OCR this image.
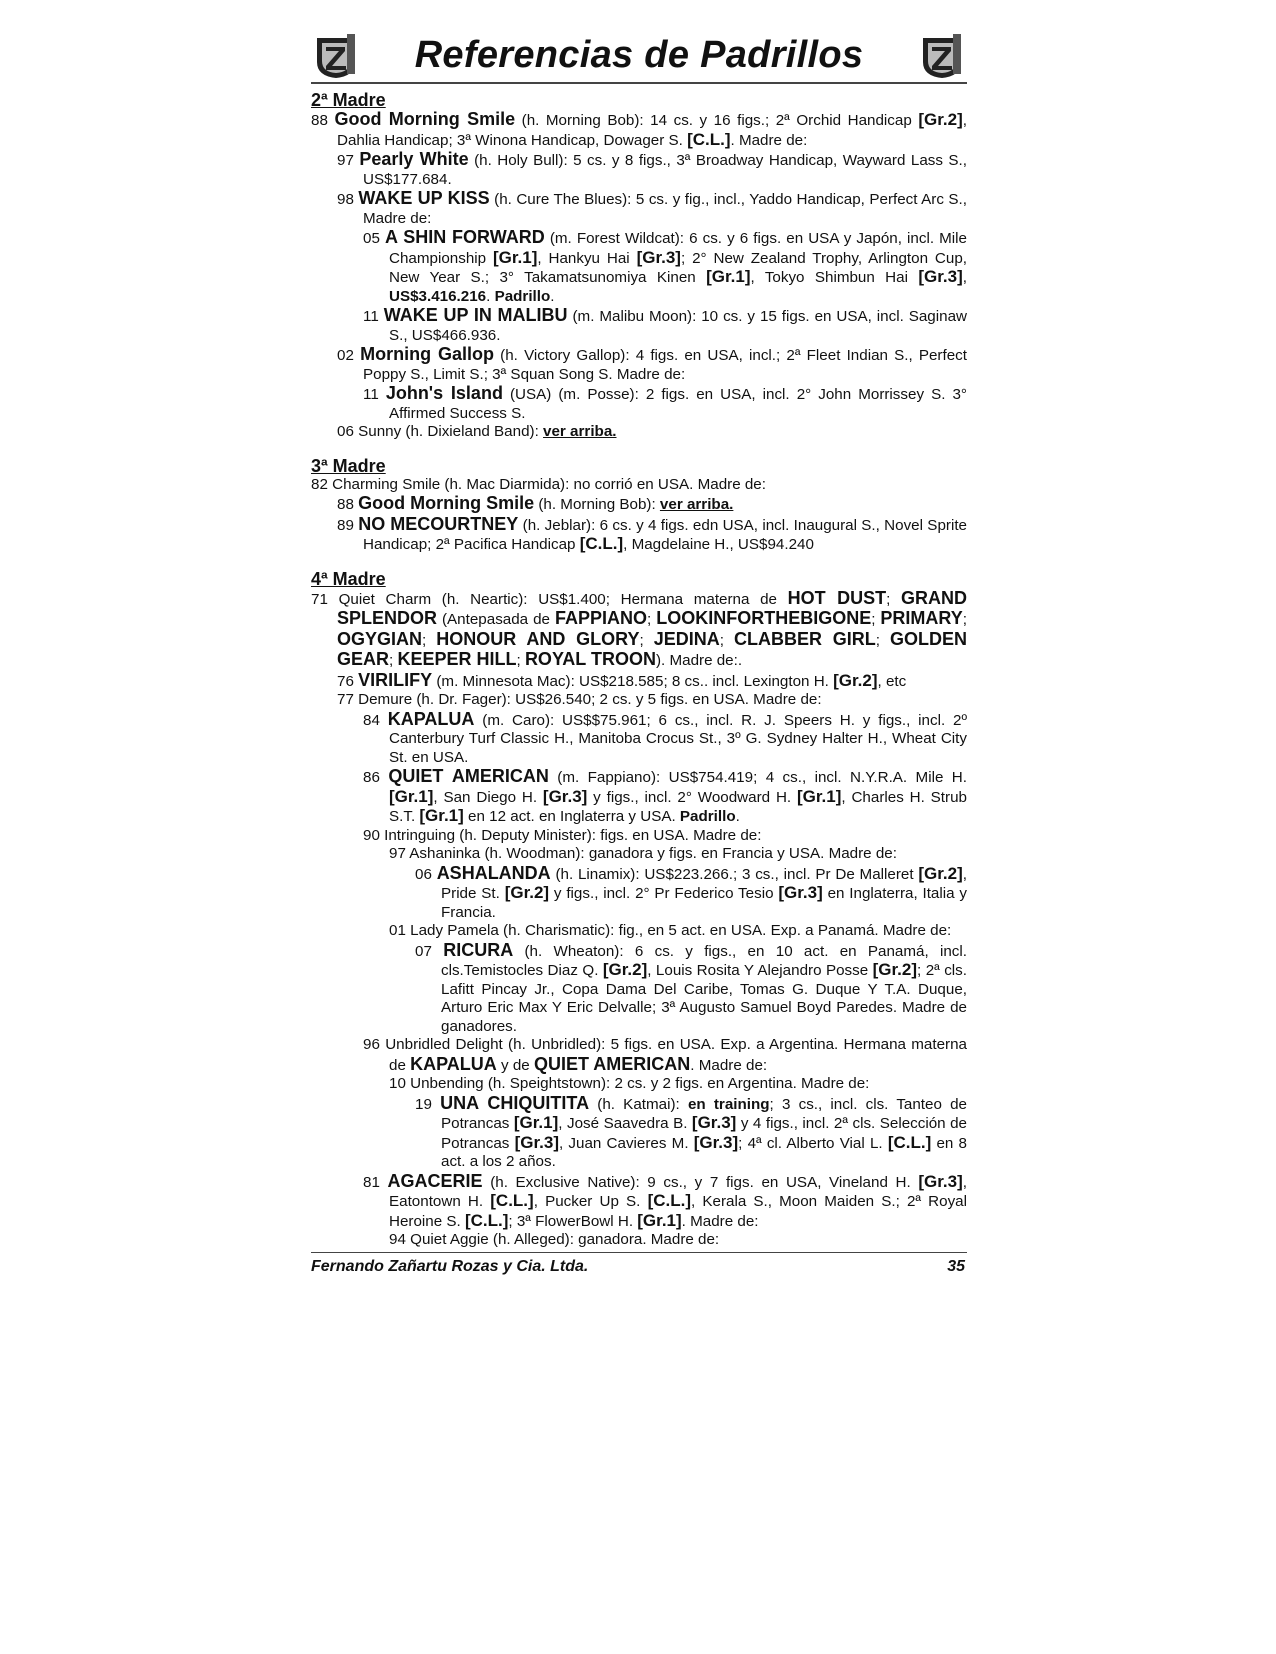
Referencias de Padrillos
2ª Madre
88 Good Morning Smile (h. Morning Bob): 14 cs. y 16 figs.; 2ª Orchid Handicap [Gr.2], Dahlia Handicap; 3ª Winona Handicap, Dowager S. [C.L.]. Madre de:
97 Pearly White (h. Holy Bull): 5 cs. y 8 figs., 3ª Broadway Handicap, Wayward Lass S., US$177.684.
98 WAKE UP KISS (h. Cure The Blues): 5 cs. y fig., incl., Yaddo Handicap, Perfect Arc S., Madre de:
05 A SHIN FORWARD (m. Forest Wildcat): 6 cs. y 6 figs. en USA y Japón, incl. Mile Championship [Gr.1], Hankyu Hai [Gr.3]; 2° New Zealand Trophy, Arlington Cup, New Year S.; 3° Takamatsunomiya Kinen [Gr.1], Tokyo Shimbun Hai [Gr.3], US$3.416.216. Padrillo.
11 WAKE UP IN MALIBU (m. Malibu Moon): 10 cs. y 15 figs. en USA, incl. Saginaw S., US$466.936.
02 Morning Gallop (h. Victory Gallop): 4 figs. en USA, incl.; 2ª Fleet Indian S., Perfect Poppy S., Limit S.; 3ª Squan Song S. Madre de:
11 John's Island (USA) (m. Posse): 2 figs. en USA, incl. 2° John Morrissey S. 3° Affirmed Success S.
06 Sunny (h. Dixieland Band): ver arriba.
3ª Madre
82 Charming Smile (h. Mac Diarmida): no corrió en USA. Madre de:
88 Good Morning Smile (h. Morning Bob): ver arriba.
89 NO MECOURTNEY (h. Jeblar): 6 cs. y 4 figs. edn USA, incl. Inaugural S., Novel Sprite Handicap; 2ª Pacifica Handicap [C.L.], Magdelaine H., US$94.240
4ª Madre
71 Quiet Charm (h. Neartic): US$1.400; Hermana materna de HOT DUST; GRAND SPLENDOR (Antepasada de FAPPIANO; LOOKINFORTHEBIGONE; PRIMARY; OGYGIAN; HONOUR AND GLORY; JEDINA; CLABBER GIRL; GOLDEN GEAR; KEEPER HILL; ROYAL TROON). Madre de:.
76 VIRILIFY (m. Minnesota Mac): US$218.585; 8 cs.. incl. Lexington H. [Gr.2], etc
77 Demure (h. Dr. Fager): US$26.540; 2 cs. y 5 figs. en USA. Madre de:
84 KAPALUA (m. Caro): US$$75.961; 6 cs., incl. R. J. Speers H. y figs., incl. 2º Canterbury Turf Classic H., Manitoba Crocus St., 3º G. Sydney Halter H., Wheat City St. en USA.
86 QUIET AMERICAN (m. Fappiano): US$754.419; 4 cs., incl. N.Y.R.A. Mile H. [Gr.1], San Diego H. [Gr.3] y figs., incl. 2° Woodward H. [Gr.1], Charles H. Strub S.T. [Gr.1] en 12 act. en Inglaterra y USA. Padrillo.
90 Intringuing (h. Deputy Minister): figs. en USA. Madre de:
97 Ashaninka (h. Woodman): ganadora y figs. en Francia y USA. Madre de:
06 ASHALANDA (h. Linamix): US$223.266.; 3 cs., incl. Pr De Malleret [Gr.2], Pride St. [Gr.2] y figs., incl. 2° Pr Federico Tesio [Gr.3] en Inglaterra, Italia y Francia.
01 Lady Pamela (h. Charismatic): fig., en 5 act. en USA. Exp. a Panamá. Madre de:
07 RICURA (h. Wheaton): 6 cs. y figs., en 10 act. en Panamá, incl. cls.Temistocles Diaz Q. [Gr.2], Louis Rosita Y Alejandro Posse [Gr.2]; 2ª cls. Lafitt Pincay Jr., Copa Dama Del Caribe, Tomas G. Duque Y T.A. Duque, Arturo Eric Max Y Eric Delvalle; 3ª Augusto Samuel Boyd Paredes. Madre de ganadores.
96 Unbridled Delight (h. Unbridled): 5 figs. en USA. Exp. a Argentina. Hermana materna de KAPALUA y de QUIET AMERICAN. Madre de:
10 Unbending (h. Speightstown): 2 cs. y 2 figs. en Argentina. Madre de:
19 UNA CHIQUITITA (h. Katmai): en training; 3 cs., incl. cls. Tanteo de Potrancas [Gr.1], José Saavedra B. [Gr.3] y 4 figs., incl. 2ª cls. Selección de Potrancas [Gr.3], Juan Cavieres M. [Gr.3]; 4ª cl. Alberto Vial L. [C.L.] en 8 act. a los 2 años.
81 AGACERIE (h. Exclusive Native): 9 cs., y 7 figs. en USA, Vineland H. [Gr.3], Eatontown H. [C.L.], Pucker Up S. [C.L.], Kerala S., Moon Maiden S.; 2ª Royal Heroine S. [C.L.]; 3ª FlowerBowl H. [Gr.1]. Madre de:
94 Quiet Aggie (h. Alleged): ganadora. Madre de:
Fernando Zañartu Rozas y Cia. Ltda.	35
